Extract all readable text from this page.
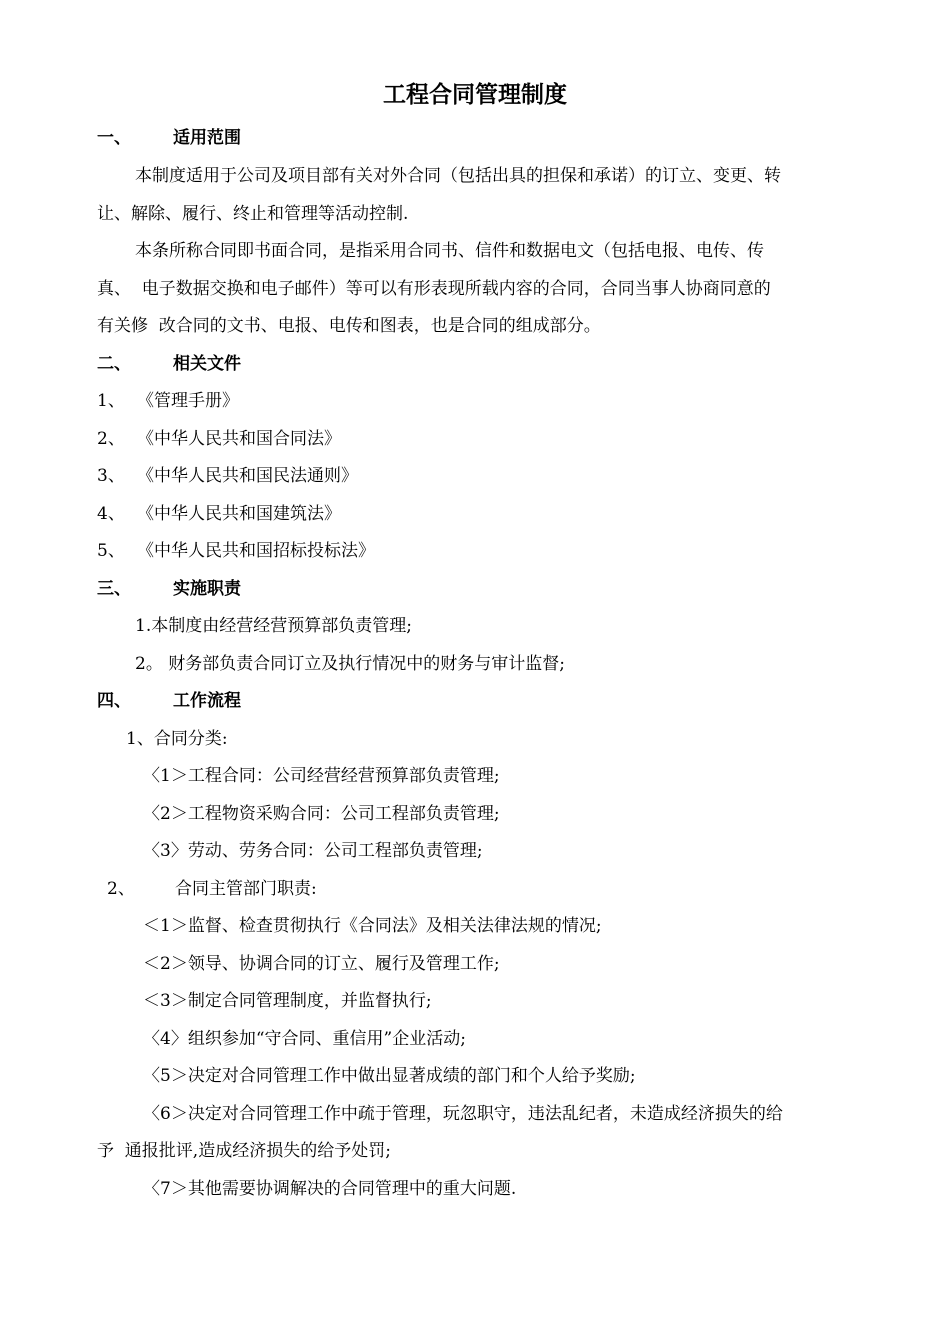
工程合同管理制度
一、 适用范围
本制度适用于公司及项目部有关对外合同（包括出具的担保和承诺）的订立、变更、转
让、解除、履行、终止和管理等活动控制.
本条所称合同即书面合同，是指采用合同书、信件和数据电文（包括电报、电传、传
真、  电子数据交换和电子邮件）等可以有形表现所载内容的合同，合同当事人协商同意的
有关修  改合同的文书、电报、电传和图表，也是合同的组成部分。
二、 相关文件
1、 《管理手册》
2、 《中华人民共和国合同法》
3、 《中华人民共和国民法通则》
4、 《中华人民共和国建筑法》
5、 《中华人民共和国招标投标法》
三、 实施职责
1.本制度由经营经营预算部负责管理;
2。 财务部负责合同订立及执行情况中的财务与审计监督;
四、 工作流程
1、合同分类:
〈1＞工程合同：公司经营经营预算部负责管理;
〈2＞工程物资采购合同：公司工程部负责管理;
〈3〉劳动、劳务合同：公司工程部负责管理;
2、 合同主管部门职责:
＜1＞监督、检查贯彻执行《合同法》及相关法律法规的情况;
＜2＞领导、协调合同的订立、履行及管理工作;
＜3＞制定合同管理制度，并监督执行;
〈4〉组织参加“守合同、重信用”企业活动;
〈5＞决定对合同管理工作中做出显著成绩的部门和个人给予奖励;
〈6＞决定对合同管理工作中疏于管理，玩忽职守，违法乱纪者，未造成经济损失的给
予  通报批评,造成经济损失的给予处罚;
〈7＞其他需要协调解决的合同管理中的重大问题.
